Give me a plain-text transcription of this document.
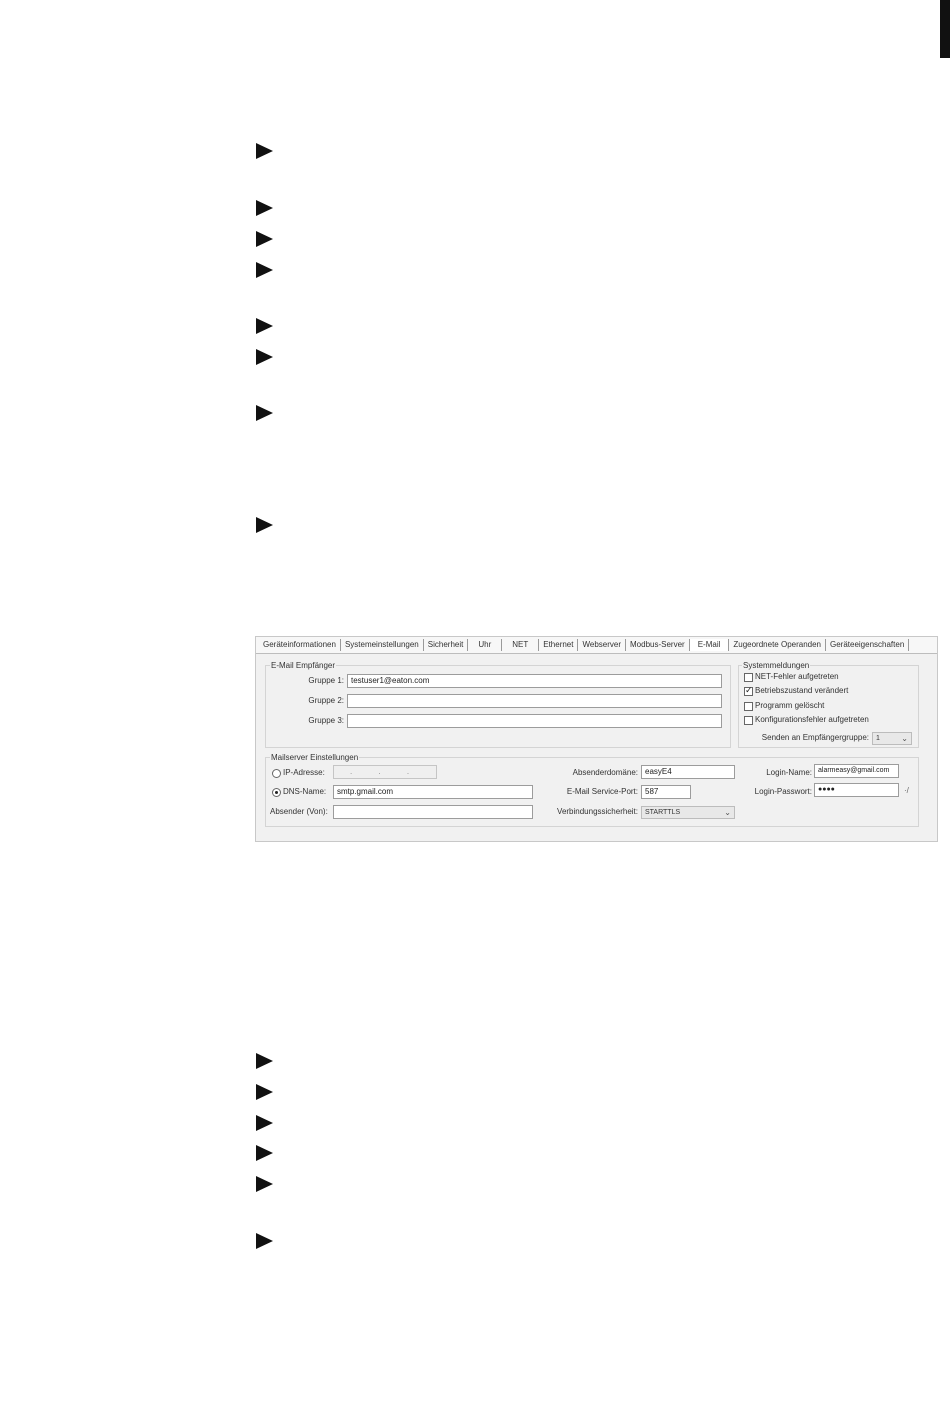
Geräteinformationen	Systemeinstellungen	Sicherheit	Uhr	NET	Ethernet	Webserver	Modbus-Server	E-Mail	Zugeordnete Operanden	Geräteeigenschaften
E-Mail Empfänger
Gruppe 1: testuser1@eaton.com
Gruppe 2:
Gruppe 3:
Systemmeldungen
NET-Fehler aufgetreten
✓
Betriebszustand verändert
Programm gelöscht
Konfigurationsfehler aufgetreten
Senden an Empfängergruppe:	1	⌄
Mailserver Einstellungen
IP-Adresse:	. . .
DNS-Name:	smtp.gmail.com
Absender (Von):
Absenderdomäne: easyE4
E-Mail Service-Port: 587
Verbindungssicherheit:	STARTTLS	⌄
Login-Name: alarmeasy@gmail.com
Login-Passwort: ●●●●	·/
